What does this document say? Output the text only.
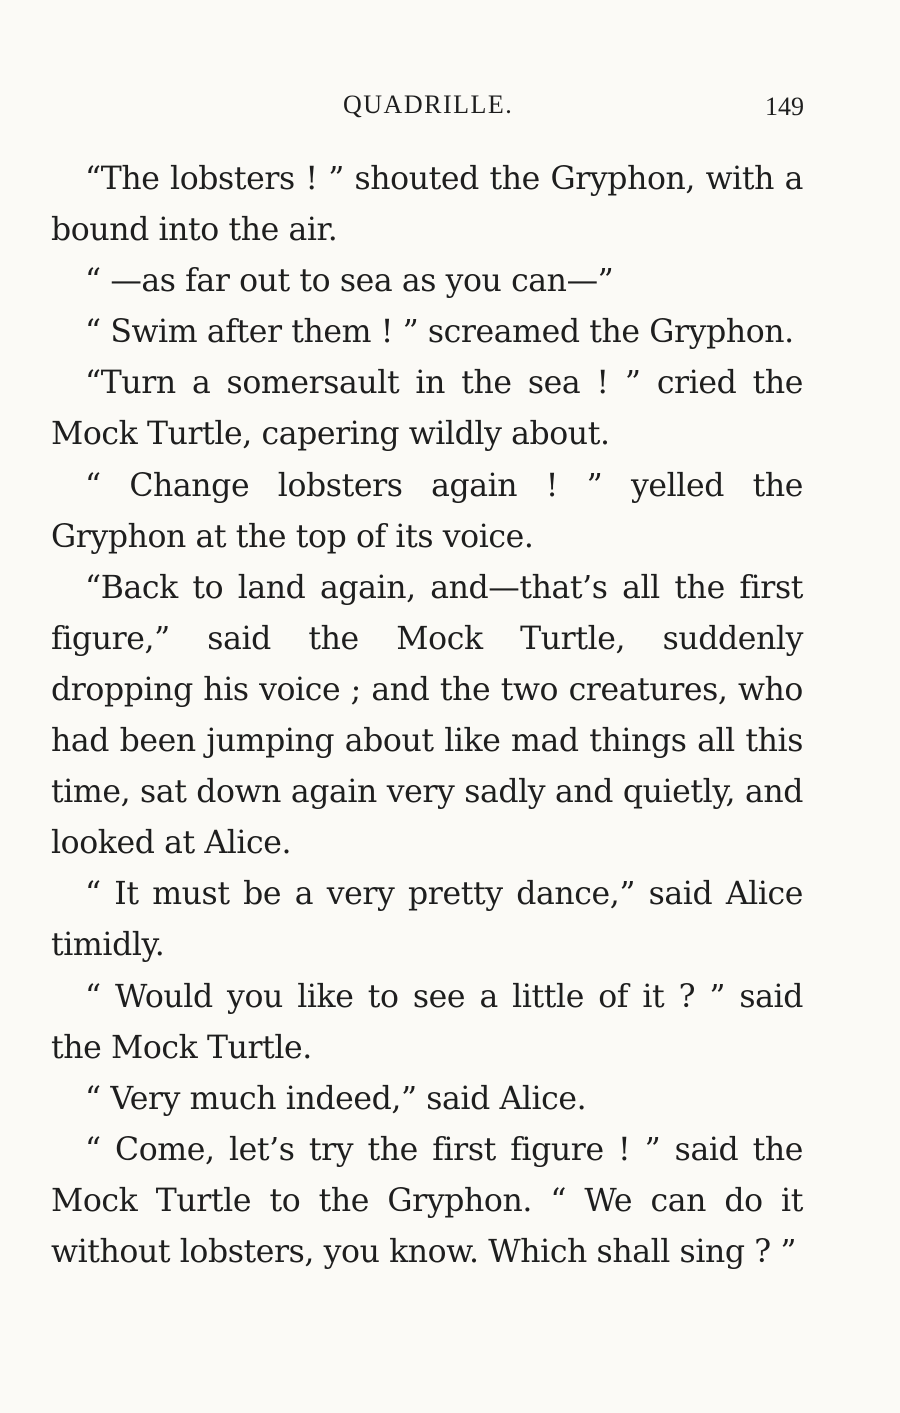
QUADRILLE.	149

“The lobsters ! ” shouted the Gryphon, with a bound into the air.

“ —as far out to sea as you can—”

“ Swim after them ! ” screamed the Gryphon.

“Turn a somersault in the sea ! ” cried the Mock Turtle, capering wildly about.

“ Change lobsters again ! ” yelled the Gryphon at the top of its voice.

“Back to land again, and—that’s all the first figure,” said the Mock Turtle, suddenly dropping his voice ; and the two creatures, who had been jumping about like mad things all this time, sat down again very sadly and quietly, and looked at Alice.

“ It must be a very pretty dance,” said Alice timidly.

“ Would you like to see a little of it ? ” said the Mock Turtle.

“ Very much indeed,” said Alice.

“ Come, let’s try the first figure ! ” said the Mock Turtle to the Gryphon. “ We can do it without lobsters, you know. Which shall sing ? ”
